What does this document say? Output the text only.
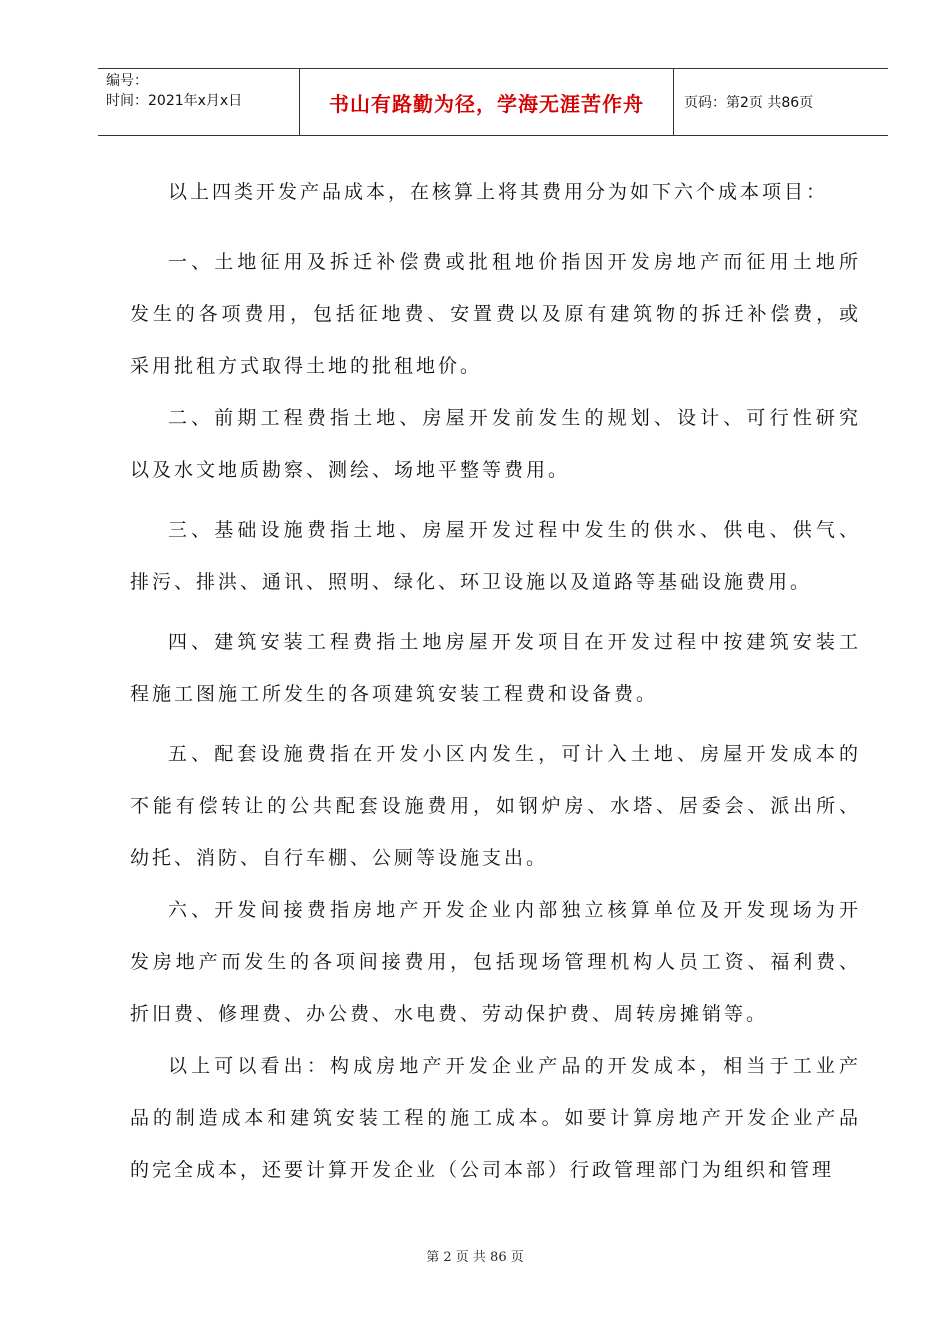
编号：
时间：2021年x月x日	书山有路勤为径，学海无涯苦作舟	页码：第2页 共86页
以上四类开发产品成本，在核算上将其费用分为如下六个成本项目：
一、土地征用及拆迁补偿费或批租地价指因开发房地产而征用土地所
发生的各项费用，包括征地费、安置费以及原有建筑物的拆迁补偿费，或
采用批租方式取得土地的批租地价。
二、前期工程费指土地、房屋开发前发生的规划、设计、可行性研究
以及水文地质勘察、测绘、场地平整等费用。
三、基础设施费指土地、房屋开发过程中发生的供水、供电、供气、
排污、排洪、通讯、照明、绿化、环卫设施以及道路等基础设施费用。
四、建筑安装工程费指土地房屋开发项目在开发过程中按建筑安装工
程施工图施工所发生的各项建筑安装工程费和设备费。
五、配套设施费指在开发小区内发生，可计入土地、房屋开发成本的
不能有偿转让的公共配套设施费用，如钢炉房、水塔、居委会、派出所、
幼托、消防、自行车棚、公厕等设施支出。
六、开发间接费指房地产开发企业内部独立核算单位及开发现场为开
发房地产而发生的各项间接费用，包括现场管理机构人员工资、福利费、
折旧费、修理费、办公费、水电费、劳动保护费、周转房摊销等。
以上可以看出：构成房地产开发企业产品的开发成本，相当于工业产
品的制造成本和建筑安装工程的施工成本。如要计算房地产开发企业产品
的完全成本，还要计算开发企业（公司本部）行政管理部门为组织和管理
第 2 页 共 86 页
